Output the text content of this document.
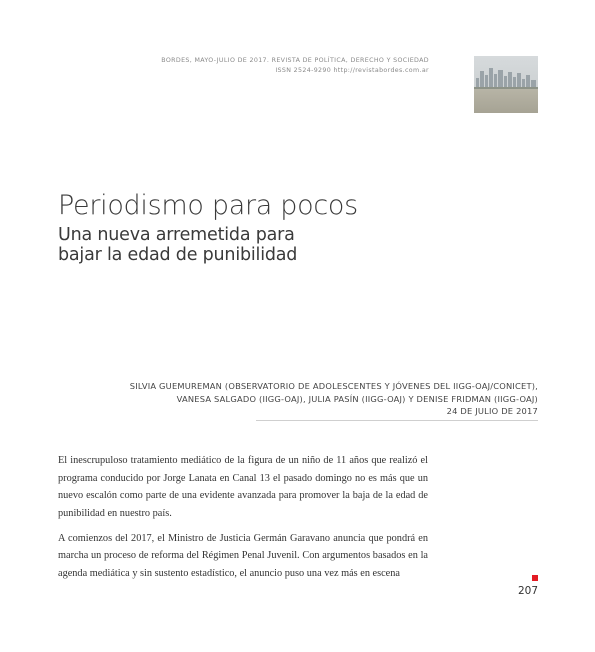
BORDES, MAYO-JULIO DE 2017. REVISTA DE POLÍTICA, DERECHO Y SOCIEDAD
ISSN 2524-9290 http://revistabordes.com.ar
Periodismo para pocos
Una nueva arremetida para
bajar la edad de punibilidad
SILVIA GUEMUREMAN (OBSERVATORIO DE ADOLESCENTES Y JÓVENES DEL IIGG-OAJ/CONICET),
VANESA SALGADO (IIGG-OAJ), JULIA PASÍN (IIGG-OAJ) Y DENISE FRIDMAN (IIGG-OAJ)
24 DE JULIO DE 2017

El inescrupuloso tratamiento mediático de la figura de un niño de 11 años que realizó el programa conducido por Jorge Lanata en Canal 13 el pasado domingo no es más que un nuevo escalón como parte de una evidente avanzada para promover la baja de la edad de punibilidad en nuestro país.

A comienzos del 2017, el Ministro de Justicia Germán Garavano anuncia que pondrá en marcha un proceso de reforma del Régimen Penal Juvenil. Con argumentos basados en la agenda mediática y sin sustento estadístico, el anuncio puso una vez más en escena

207
